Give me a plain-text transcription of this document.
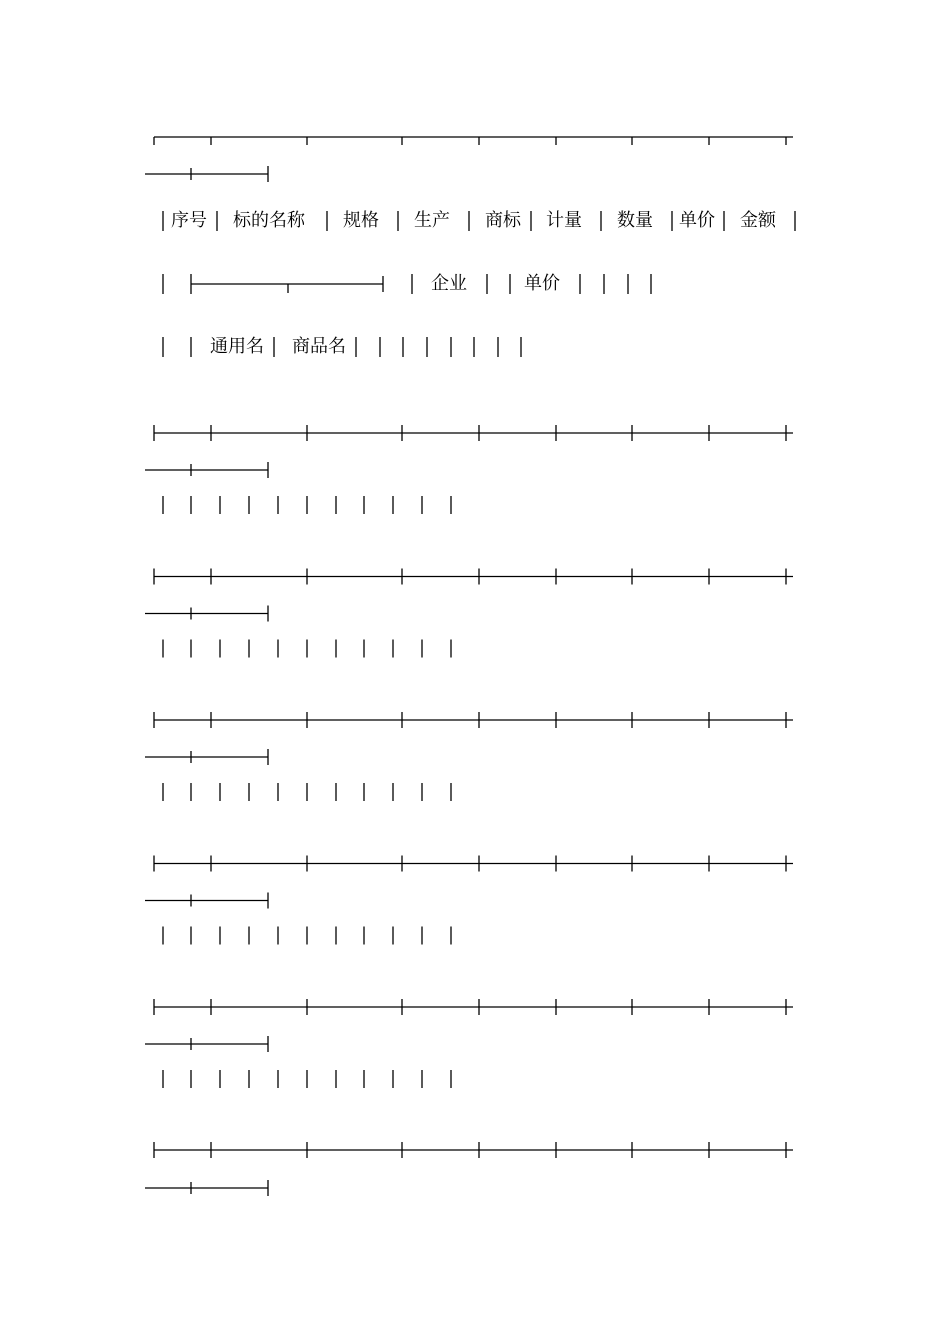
序号 标的名称 规格 生产 商标 计量 数量 单价 金额
企业	单价
通用名 商品名
